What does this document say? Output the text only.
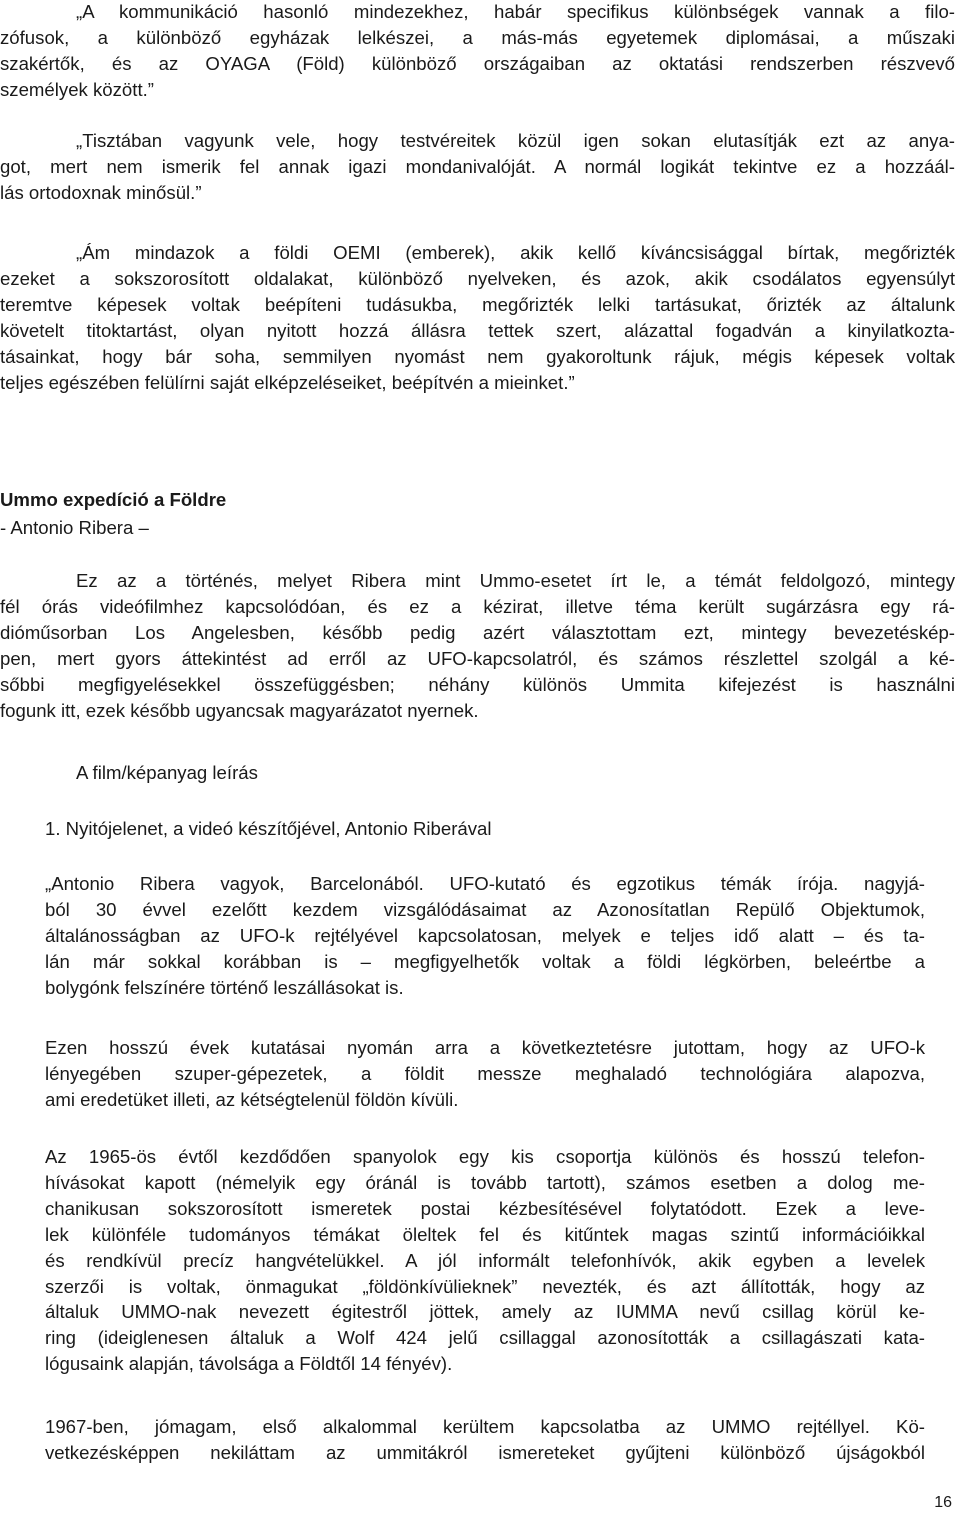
„A kommunikáció hasonló mindezekhez, habár specifikus különbségek vannak a filo-
zófusok, a különböző egyházak lelkészei, a más-más egyetemek diplomásai, a műszaki
szakértők, és az OYAGA (Föld) különböző országaiban az oktatási rendszerben részvevő
személyek között.”

„Tisztában vagyunk vele, hogy testvéreitek közül igen sokan elutasítják ezt az anya-
got, mert nem ismerik fel annak igazi mondanivalóját. A normál logikát tekintve ez a hozzáál-
lás ortodoxnak minősül.”

„Ám mindazok a földi OEMI (emberek), akik kellő kíváncsisággal bírtak, megőrizték
ezeket a sokszorosított oldalakat, különböző nyelveken, és azok, akik csodálatos egyensúlyt
teremtve képesek voltak beépíteni tudásukba, megőrizték lelki tartásukat, őrizték az általunk
követelt titoktartást, olyan nyitott hozzá állásra tettek szert, alázattal fogadván a kinyilatkozta-
tásainkat, hogy bár soha, semmilyen nyomást nem gyakoroltunk rájuk, mégis képesek voltak
teljes egészében felülírni saját elképzeléseiket, beépítvén a mieinket.”

Ummo expedíció a Földre
- Antonio Ribera –

Ez az a történés, melyet Ribera mint Ummo-esetet írt le, a témát feldolgozó, mintegy
fél órás videófilmhez kapcsolódóan, és ez a kézirat, illetve téma került sugárzásra egy rá-
dióműsorban Los Angelesben, később pedig azért választottam ezt, mintegy bevezetéskép-
pen, mert gyors áttekintést ad erről az UFO-kapcsolatról, és számos részlettel szolgál a ké-
sőbbi megfigyelésekkel összefüggésben; néhány különös Ummita kifejezést is használni
fogunk itt, ezek később ugyancsak magyarázatot nyernek.

A film/képanyag leírás
1. Nyitójelenet, a videó készítőjével, Antonio Riberával

„Antonio Ribera vagyok, Barcelonából. UFO-kutató és egzotikus témák írója. nagyjá-
ból 30 évvel ezelőtt kezdem vizsgálódásaimat az Azonosítatlan Repülő Objektumok,
általánosságban az UFO-k rejtélyével kapcsolatosan, melyek e teljes idő alatt – és ta-
lán már sokkal korábban is – megfigyelhetők voltak a földi légkörben, beleértbe a
bolygónk felszínére történő leszállásokat is.

Ezen hosszú évek kutatásai nyomán arra a következtetésre jutottam, hogy az UFO-k
lényegében szuper-gépezetek, a földit messze meghaladó technológiára alapozva,
ami eredetüket illeti, az kétségtelenül földön kívüli.

Az 1965-ös évtől kezdődően spanyolok egy kis csoportja különös és hosszú telefon-
hívásokat kapott (némelyik egy óránál is tovább tartott), számos esetben a dolog me-
chanikusan sokszorosított ismeretek postai kézbesítésével folytatódott. Ezek a leve-
lek különféle tudományos témákat öleltek fel és kitűntek magas szintű információikkal
és rendkívül precíz hangvételükkel. A jól informált telefonhívók, akik egyben a levelek
szerzői is voltak, önmagukat „földönkívülieknek” nevezték, és azt állították, hogy az
általuk UMMO-nak nevezett égitestről jöttek, amely az IUMMA nevű csillag körül ke-
ring (ideiglenesen általuk a Wolf 424 jelű csillaggal azonosították a csillagászati kata-
lógusaink alapján, távolsága a Földtől 14 fényév).

1967-ben, jómagam, első alkalommal kerültem kapcsolatba az UMMO rejtéllyel. Kö-
vetkezésképpen nekiláttam az ummitákról ismereteket gyűjteni különböző újságokból

16
